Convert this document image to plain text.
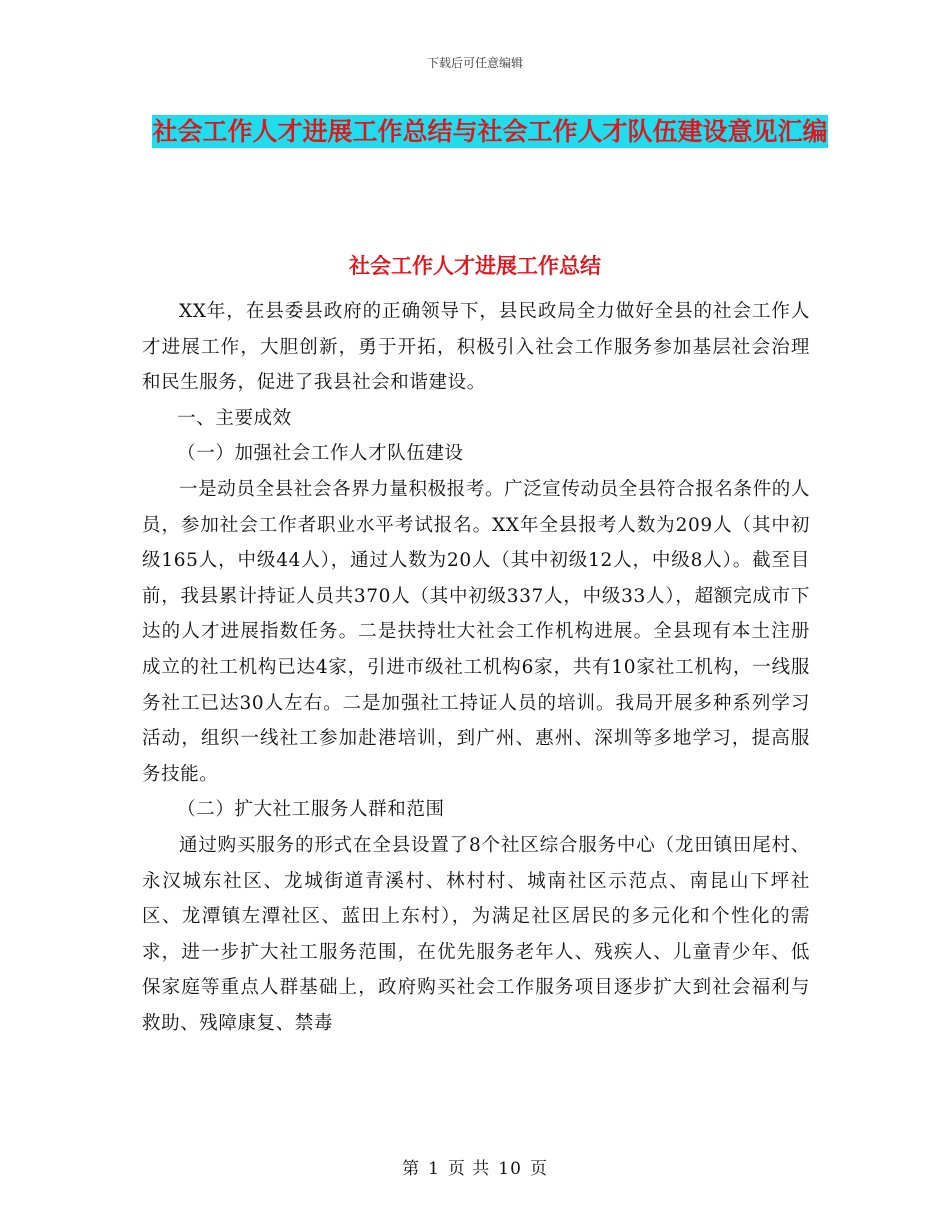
下载后可任意编辑
社会工作人才进展工作总结与社会工作人才队伍建设意见汇编
社会工作人才进展工作总结

XX年，在县委县政府的正确领导下，县民政局全力做好全县的社会工作人才进展工作，大胆创新，勇于开拓，积极引入社会工作服务参加基层社会治理和民生服务，促进了我县社会和谐建设。

一、主要成效

（一）加强社会工作人才队伍建设

一是动员全县社会各界力量积极报考。广泛宣传动员全县符合报名条件的人员，参加社会工作者职业水平考试报名。XX年全县报考人数为209人（其中初级165人，中级44人），通过人数为20人（其中初级12人，中级8人）。截至目前，我县累计持证人员共370人（其中初级337人，中级33人），超额完成市下达的人才进展指数任务。二是扶持壮大社会工作机构进展。全县现有本土注册成立的社工机构已达4家，引进市级社工机构6家，共有10家社工机构，一线服务社工已达30人左右。二是加强社工持证人员的培训。我局开展多种系列学习活动，组织一线社工参加赴港培训，到广州、惠州、深圳等多地学习，提高服务技能。

（二）扩大社工服务人群和范围

通过购买服务的形式在全县设置了8个社区综合服务中心（龙田镇田尾村、永汉城东社区、龙城街道青溪村、林村村、城南社区示范点、南昆山下坪社区、龙潭镇左潭社区、蓝田上东村），为满足社区居民的多元化和个性化的需求，进一步扩大社工服务范围，在优先服务老年人、残疾人、儿童青少年、低保家庭等重点人群基础上，政府购买社会工作服务项目逐步扩大到社会福利与救助、残障康复、禁毒

第 1 页 共 10 页
